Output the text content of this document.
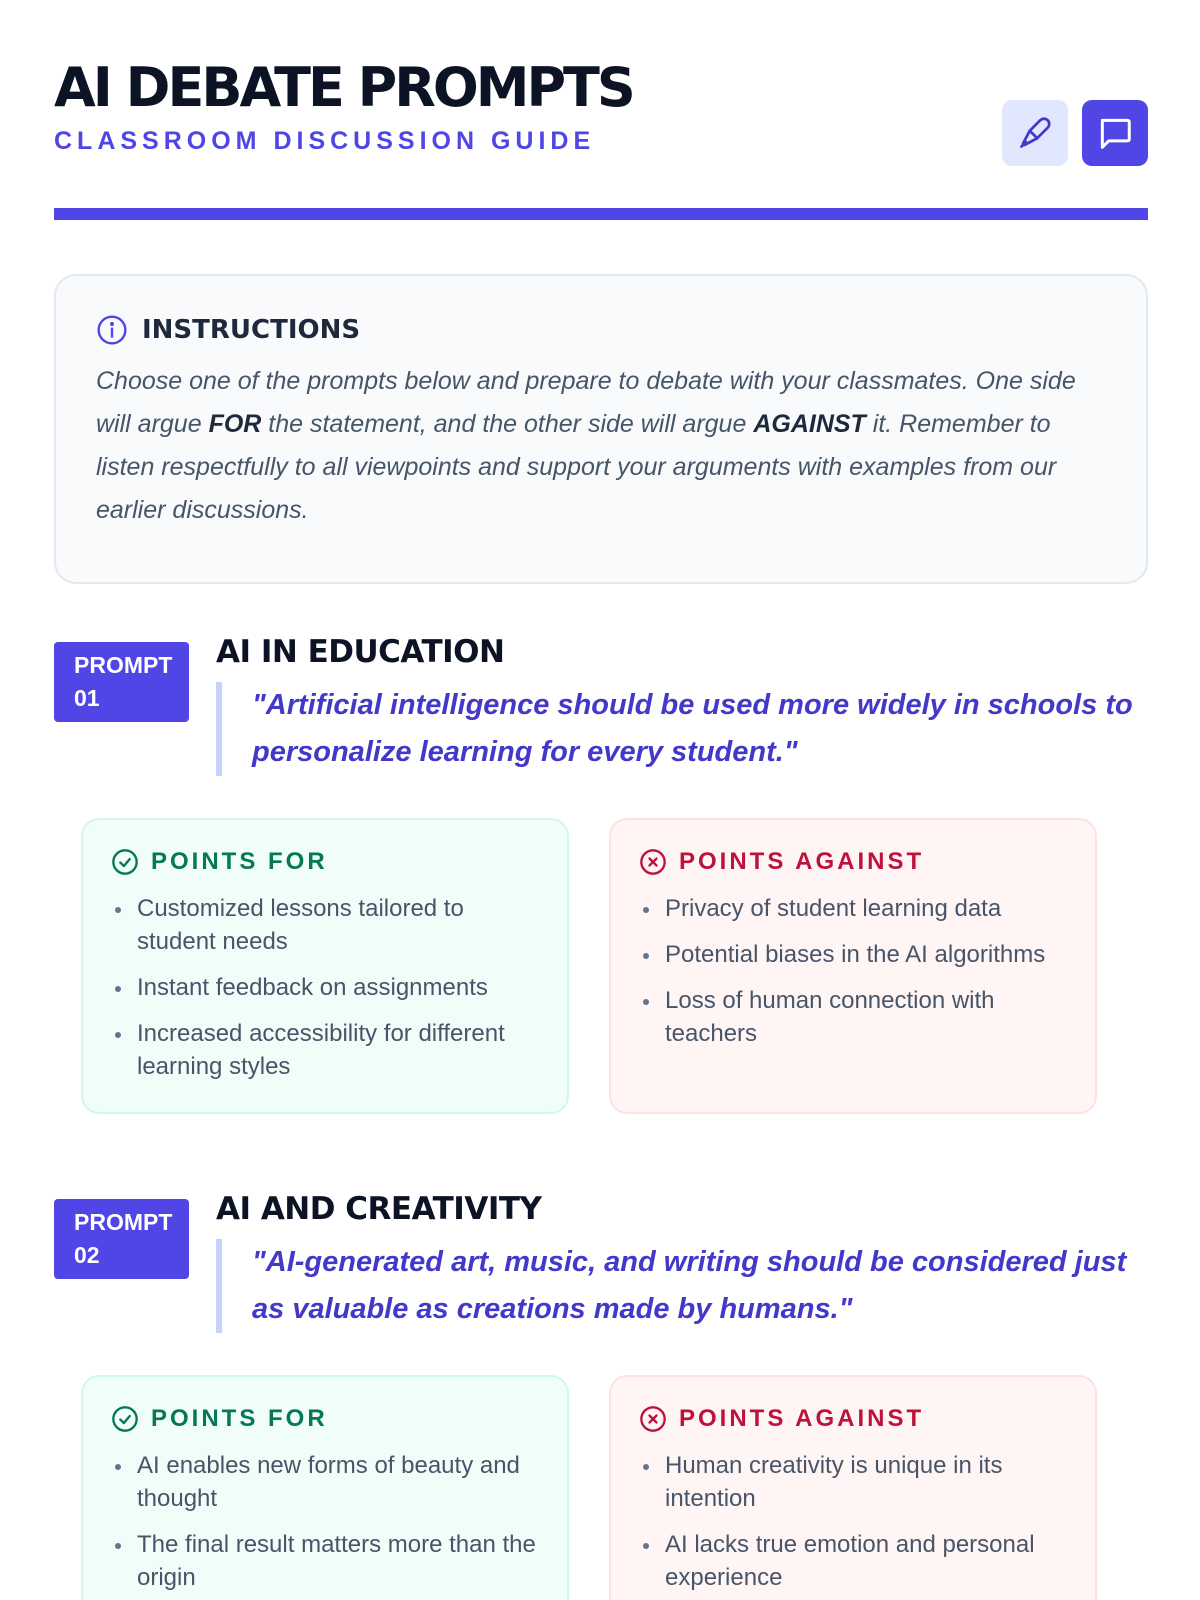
AI DEBATE PROMPTS
CLASSROOM DISCUSSION GUIDE
INSTRUCTIONS

Choose one of the prompts below and prepare to debate with your classmates. One side will argue FOR the statement, and the other side will argue AGAINST it. Remember to listen respectfully to all viewpoints and support your arguments with examples from our earlier discussions.

PROMPT
01
AI IN EDUCATION
"Artificial intelligence should be used more widely in schools to personalize learning for every student."
POINTS FOR
Customized lessons tailored to student needs
Instant feedback on assignments
Increased accessibility for different learning styles
POINTS AGAINST
Privacy of student learning data
Potential biases in the AI algorithms
Loss of human connection with teachers
PROMPT
02
AI AND CREATIVITY
"AI-generated art, music, and writing should be considered just as valuable as creations made by humans."
POINTS FOR
AI enables new forms of beauty and thought
The final result matters more than the origin
POINTS AGAINST
Human creativity is unique in its intention
AI lacks true emotion and personal experience
